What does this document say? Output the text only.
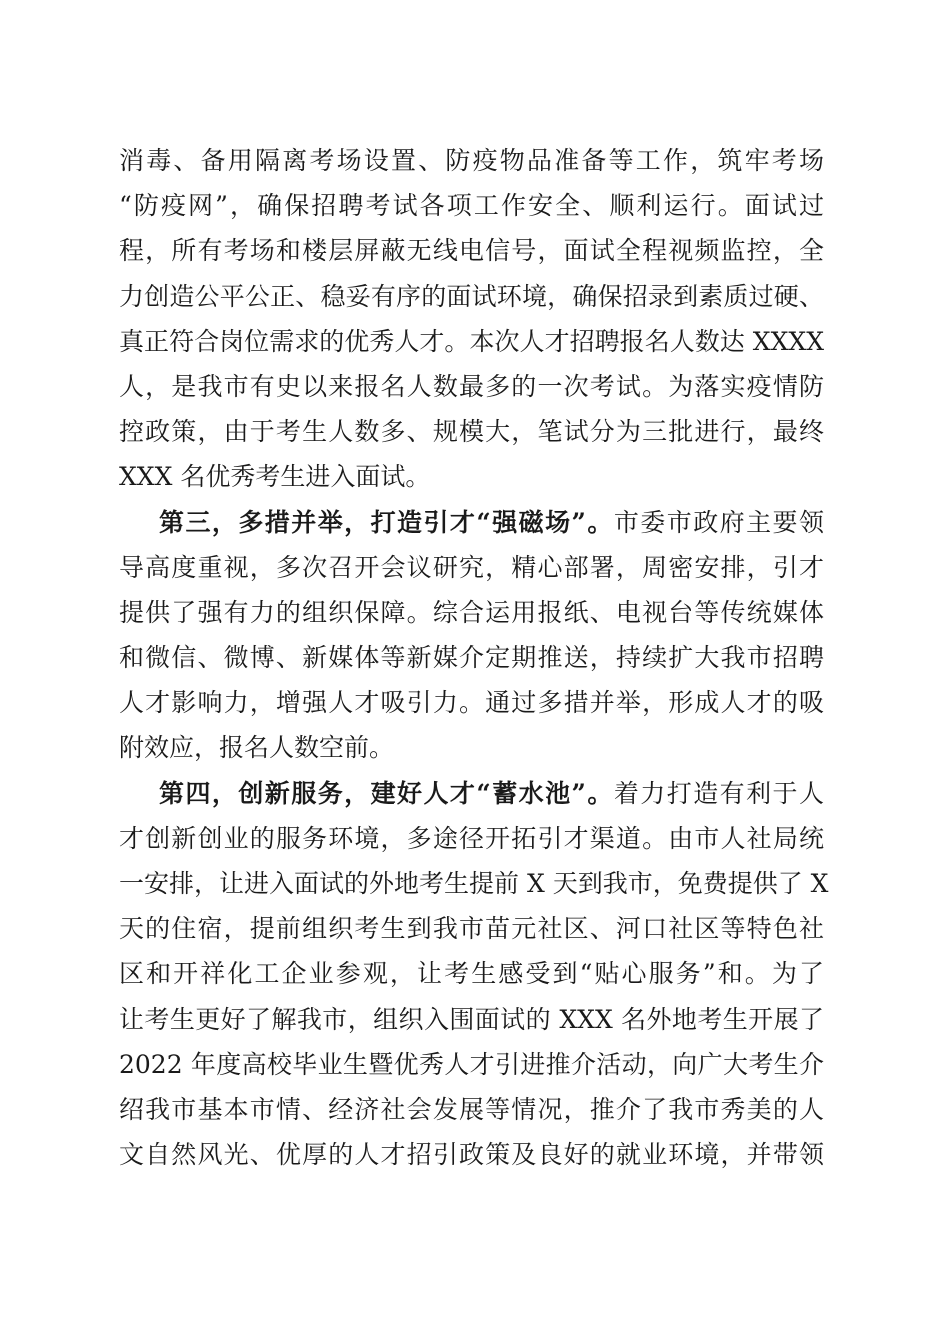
消毒、备用隔离考场设置、防疫物品准备等工作，筑牢考场
“防疫网”，确保招聘考试各项工作安全、顺利运行。面试过
程，所有考场和楼层屏蔽无线电信号，面试全程视频监控，全
力创造公平公正、稳妥有序的面试环境，确保招录到素质过硬、
真正符合岗位需求的优秀人才。本次人才招聘报名人数达 XXXX
人，是我市有史以来报名人数最多的一次考试。为落实疫情防
控政策，由于考生人数多、规模大，笔试分为三批进行，最终
XXX 名优秀考生进入面试。
第三，多措并举，打造引才“强磁场”。市委市政府主要领
导高度重视，多次召开会议研究，精心部署，周密安排，引才
提供了强有力的组织保障。综合运用报纸、电视台等传统媒体
和微信、微博、新媒体等新媒介定期推送，持续扩大我市招聘
人才影响力，增强人才吸引力。通过多措并举，形成人才的吸
附效应，报名人数空前。
第四，创新服务，建好人才“蓄水池”。着力打造有利于人
才创新创业的服务环境，多途径开拓引才渠道。由市人社局统
一安排，让进入面试的外地考生提前 X 天到我市，免费提供了 X
天的住宿，提前组织考生到我市苗元社区、河口社区等特色社
区和开祥化工企业参观，让考生感受到“贴心服务”和。为了
让考生更好了解我市，组织入围面试的 XXX 名外地考生开展了
2022 年度高校毕业生暨优秀人才引进推介活动，向广大考生介
绍我市基本市情、经济社会发展等情况，推介了我市秀美的人
文自然风光、优厚的人才招引政策及良好的就业环境，并带领
